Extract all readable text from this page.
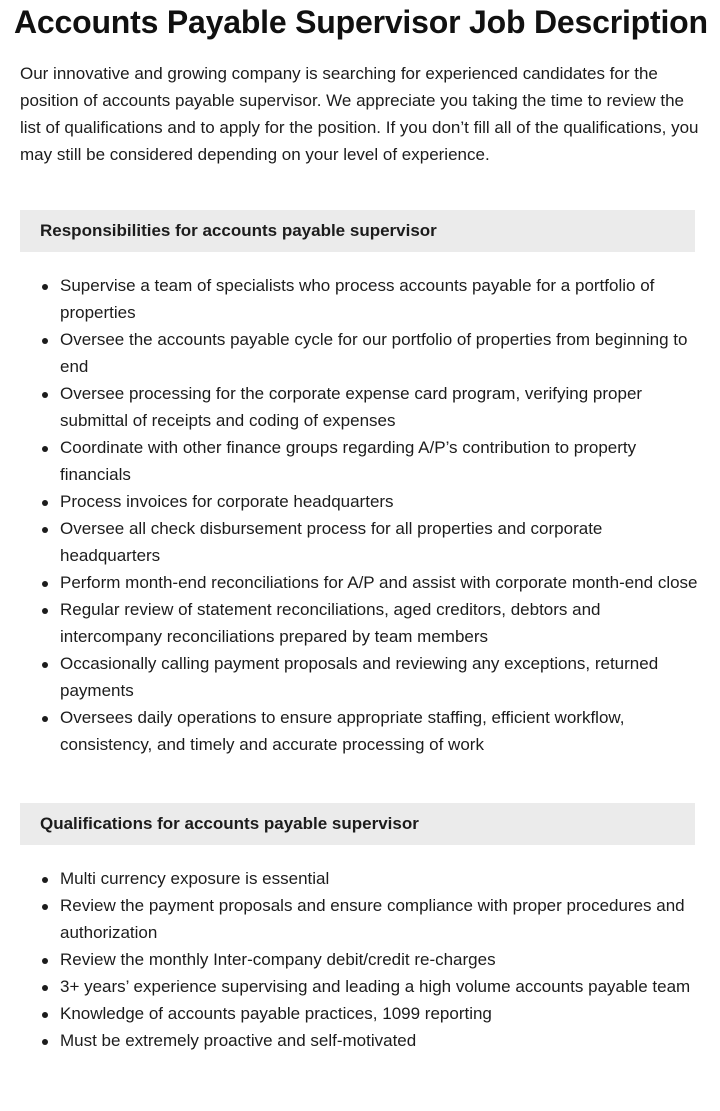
Accounts Payable Supervisor Job Description

Our innovative and growing company is searching for experienced candidates for the position of accounts payable supervisor. We appreciate you taking the time to review the list of qualifications and to apply for the position. If you don’t fill all of the qualifications, you may still be considered depending on your level of experience.

Responsibilities for accounts payable supervisor
Supervise a team of specialists who process accounts payable for a portfolio of properties
Oversee the accounts payable cycle for our portfolio of properties from beginning to end
Oversee processing for the corporate expense card program, verifying proper submittal of receipts and coding of expenses
Coordinate with other finance groups regarding A/P’s contribution to property financials
Process invoices for corporate headquarters
Oversee all check disbursement process for all properties and corporate headquarters
Perform month-end reconciliations for A/P and assist with corporate month-end close
Regular review of statement reconciliations, aged creditors, debtors and intercompany reconciliations prepared by team members
Occasionally calling payment proposals and reviewing any exceptions, returned payments
Oversees daily operations to ensure appropriate staffing, efficient workflow, consistency, and timely and accurate processing of work
Qualifications for accounts payable supervisor
Multi currency exposure is essential
Review the payment proposals and ensure compliance with proper procedures and authorization
Review the monthly Inter-company debit/credit re-charges
3+ years’ experience supervising and leading a high volume accounts payable team
Knowledge of accounts payable practices, 1099 reporting
Must be extremely proactive and self-motivated
